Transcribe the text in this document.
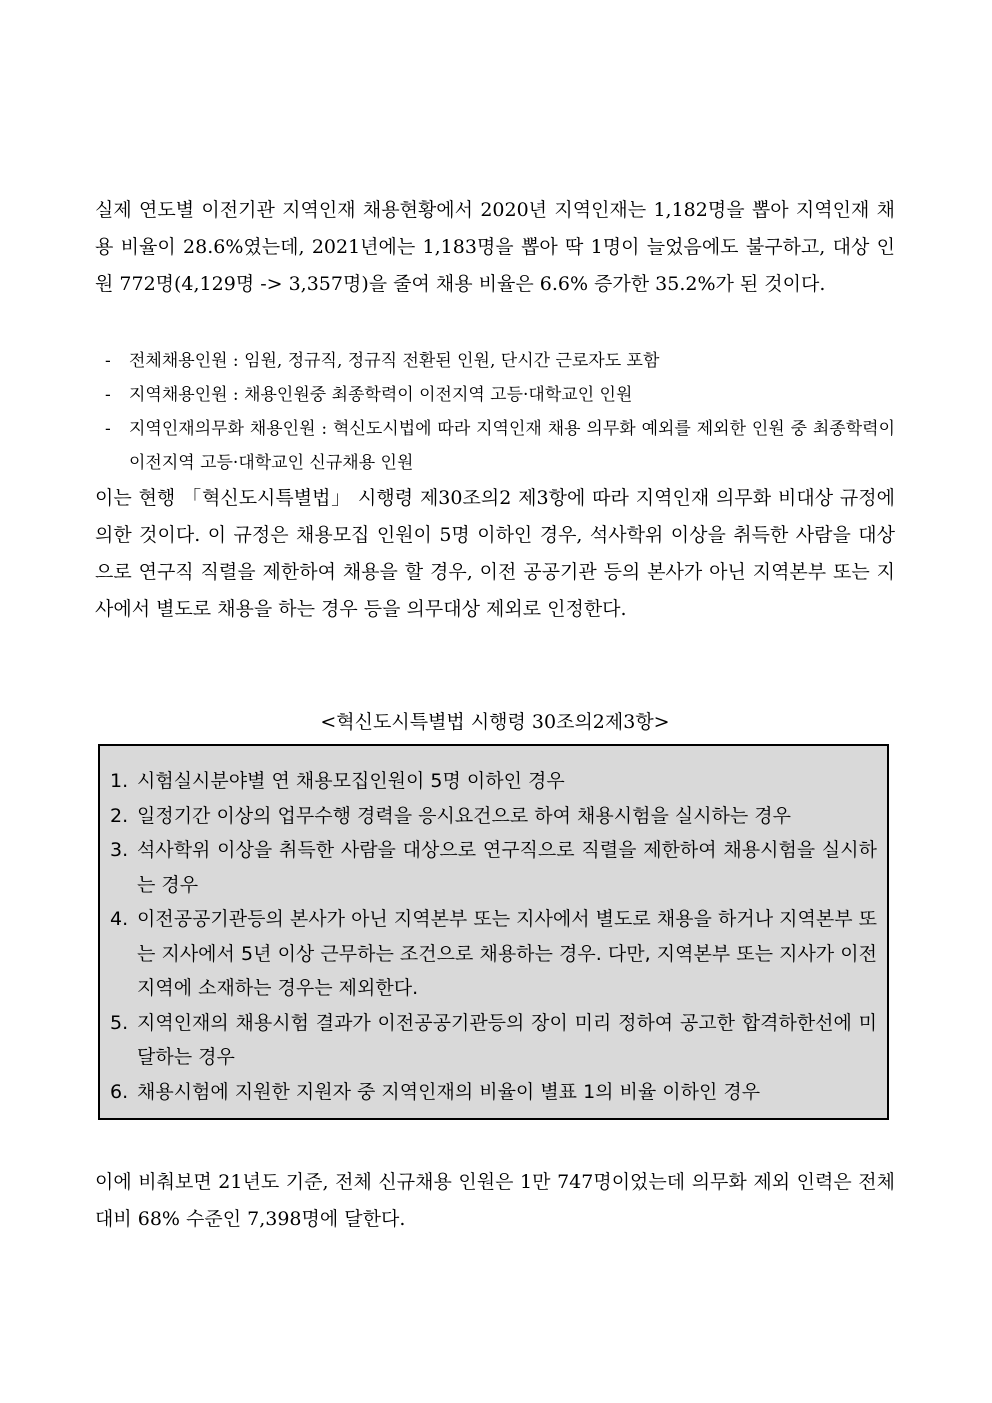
실제 연도별 이전기관 지역인재 채용현황에서 2020년 지역인재는 1,182명을 뽑아 지역인재 채용 비율이 28.6%였는데, 2021년에는 1,183명을 뽑아 딱 1명이 늘었음에도 불구하고, 대상 인원 772명(4,129명 -> 3,357명)을 줄여 채용 비율은 6.6% 증가한 35.2%가 된 것이다.

- 전체채용인원 : 임원, 정규직, 정규직 전환된 인원, 단시간 근로자도 포함
- 지역채용인원 : 채용인원중 최종학력이 이전지역 고등·대학교인 인원
- 지역인재의무화 채용인원 : 혁신도시법에 따라 지역인재 채용 의무화 예외를 제외한 인원 중 최종학력이 이전지역 고등·대학교인 신규채용 인원

이는 현행 「혁신도시특별법」 시행령 제30조의2 제3항에 따라 지역인재 의무화 비대상 규정에 의한 것이다. 이 규정은 채용모집 인원이 5명 이하인 경우, 석사학위 이상을 취득한 사람을 대상으로 연구직 직렬을 제한하여 채용을 할 경우, 이전 공공기관 등의 본사가 아닌 지역본부 또는 지사에서 별도로 채용을 하는 경우 등을 의무대상 제외로 인정한다.

<혁신도시특별법 시행령 30조의2제3항>
1. 시험실시분야별 연 채용모집인원이 5명 이하인 경우
2. 일정기간 이상의 업무수행 경력을 응시요건으로 하여 채용시험을 실시하는 경우
3. 석사학위 이상을 취득한 사람을 대상으로 연구직으로 직렬을 제한하여 채용시험을 실시하는 경우
4. 이전공공기관등의 본사가 아닌 지역본부 또는 지사에서 별도로 채용을 하거나 지역본부 또는 지사에서 5년 이상 근무하는 조건으로 채용하는 경우. 다만, 지역본부 또는 지사가 이전지역에 소재하는 경우는 제외한다.
5. 지역인재의 채용시험 결과가 이전공공기관등의 장이 미리 정하여 공고한 합격하한선에 미달하는 경우
6. 채용시험에 지원한 지원자 중 지역인재의 비율이 별표 1의 비율 이하인 경우

이에 비춰보면 21년도 기준, 전체 신규채용 인원은 1만 747명이었는데 의무화 제외 인력은 전체 대비 68% 수준인 7,398명에 달한다.
